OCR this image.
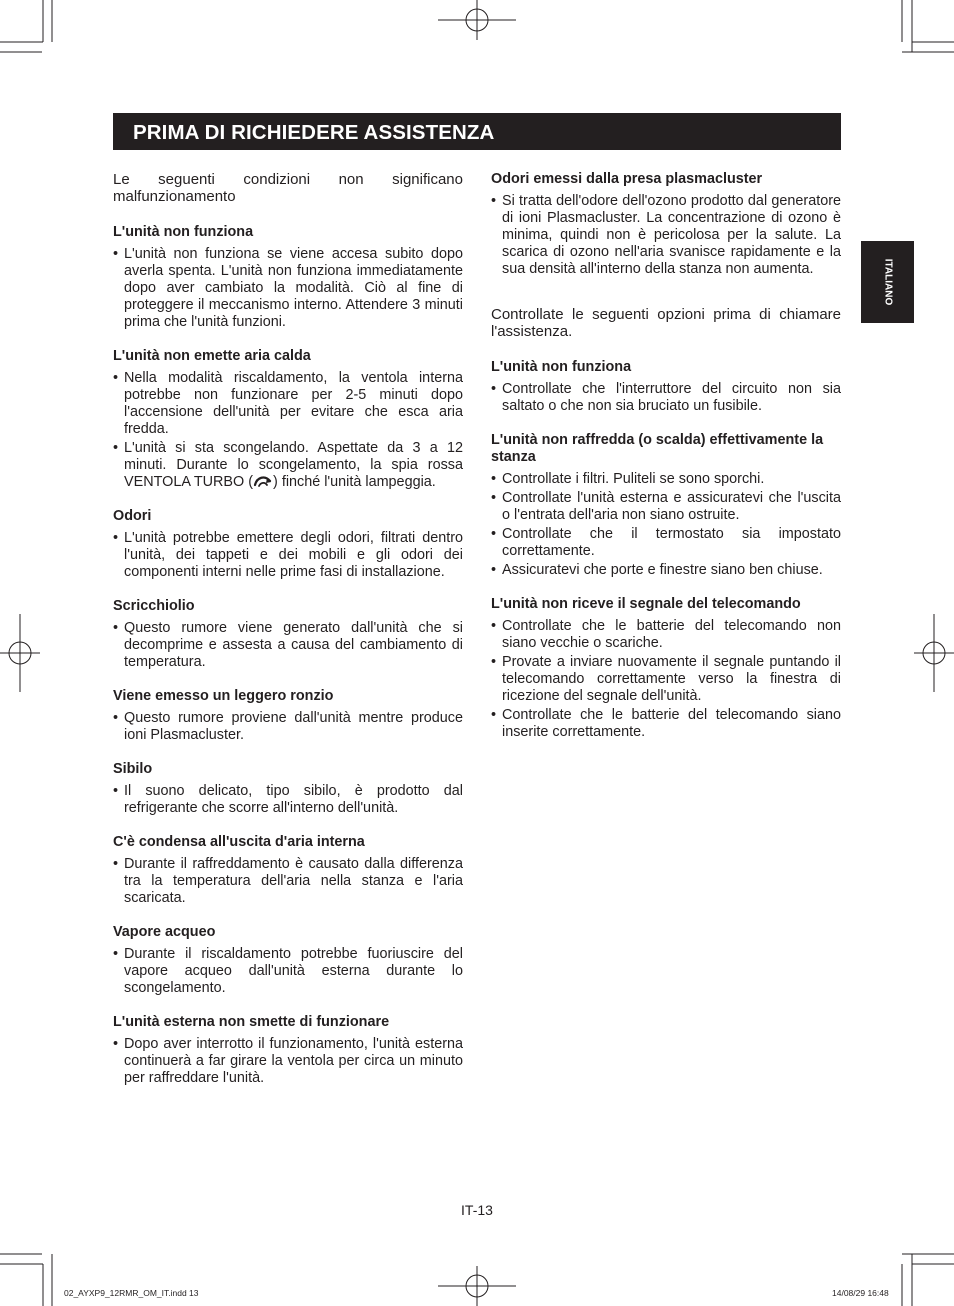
PRIMA DI RICHIEDERE ASSISTENZA
ITALIANO

Le seguenti condizioni non significano malfunzionamento

L'unità non funziona
• L'unità non funziona se viene accesa subito dopo averla spenta. L'unità non funziona immediatamente dopo aver cambiato la modalità. Ciò al fine di proteggere il meccanismo interno. Attendere 3 minuti prima che l'unità funzioni.
L'unità non emette aria calda
• Nella modalità riscaldamento, la ventola interna potrebbe non funzionare per 2-5 minuti dopo l'accensione dell'unità per evitare che esca aria fredda.
• L'unità si sta scongelando. Aspettate da 3 a 12 minuti. Durante lo scongelamento, la spia rossa VENTOLA TURBO ( ) finché l'unità lampeggia.
Odori
• L'unità potrebbe emettere degli odori, filtrati dentro l'unità, dei tappeti e dei mobili e gli odori dei componenti interni nelle prime fasi di installazione.
Scricchiolio
• Questo rumore viene generato dall'unità che si decomprime e assesta a causa del cambiamento di temperatura.
Viene emesso un leggero ronzio
• Questo rumore proviene dall'unità mentre produce ioni Plasmacluster.
Sibilo
• Il suono delicato, tipo sibilo, è prodotto dal refrigerante che scorre all'interno dell'unità.
C'è condensa all'uscita d'aria interna
• Durante il raffreddamento è causato dalla differenza tra la temperatura dell'aria nella stanza e l'aria scaricata.
Vapore acqueo
• Durante il riscaldamento potrebbe fuoriuscire del vapore acqueo dall'unità esterna durante lo scongelamento.
L'unità esterna non smette di funzionare
• Dopo aver interrotto il funzionamento, l'unità esterna continuerà a far girare la ventola per circa un minuto per raffreddare l'unità.
Odori emessi dalla presa plasmacluster
• Si tratta dell'odore dell'ozono prodotto dal generatore di ioni Plasmacluster. La concentrazione di ozono è minima, quindi non è pericolosa per la salute. La scarica di ozono nell'aria svanisce rapidamente e la sua densità all'interno della stanza non aumenta.

Controllate le seguenti opzioni prima di chiamare l'assistenza.

L'unità non funziona
• Controllate che l'interruttore del circuito non sia saltato o che non sia bruciato un fusibile.
L'unità non raffredda (o scalda) effettivamente la stanza
• Controllate i filtri. Puliteli se sono sporchi.
• Controllate l'unità esterna e assicuratevi che l'uscita o l'entrata dell'aria non siano ostruite.
• Controllate che il termostato sia impostato correttamente.
• Assicuratevi che porte e finestre siano ben chiuse.
L'unità non riceve il segnale del telecomando
• Controllate che le batterie del telecomando non siano vecchie o scariche.
• Provate a inviare nuovamente il segnale puntando il telecomando correttamente verso la finestra di ricezione del segnale dell'unità.
• Controllate che le batterie del telecomando siano inserite correttamente.
IT-13
02_AYXP9_12RMR_OM_IT.indd 13	14/08/29 16:48
